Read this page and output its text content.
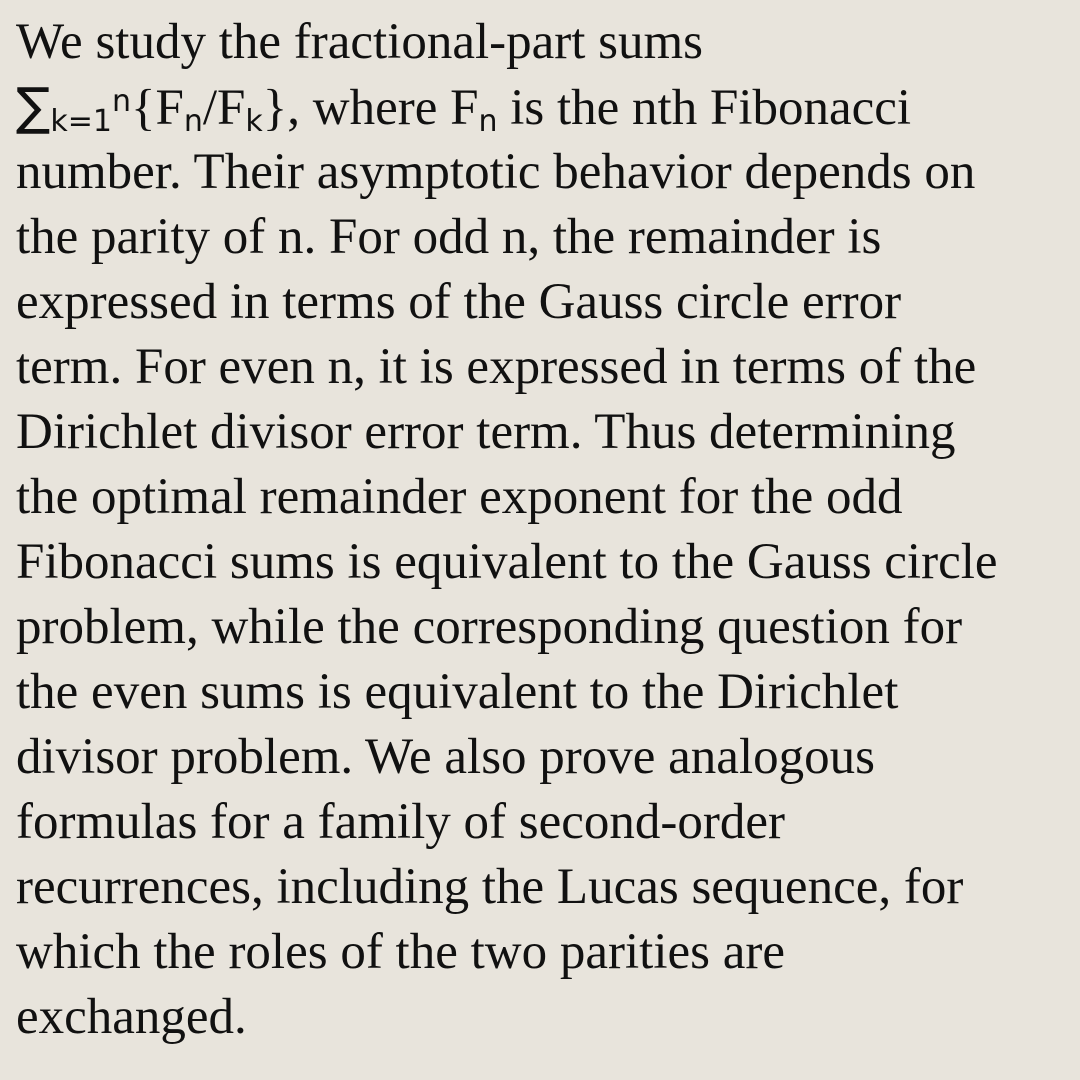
We study the fractional-part sums
$\sum k=1^n\{Fn/Fk\}$, where Fn is the nth Fibonacci
number. Their asymptotic behavior depends on
the parity of n. For odd n, the remainder is
expressed in terms of the Gauss circle error
term. For even n, it is expressed in terms of the
Dirichlet divisor error term. Thus determining
the optimal remainder exponent for the odd
Fibonacci sums is equivalent to the Gauss circle
problem, while the corresponding question for
the even sums is equivalent to the Dirichlet
divisor problem. We also prove analogous
formulas for a family of second-order
recurrences, including the Lucas sequence, for
which the roles of the two parities are
exchanged.
